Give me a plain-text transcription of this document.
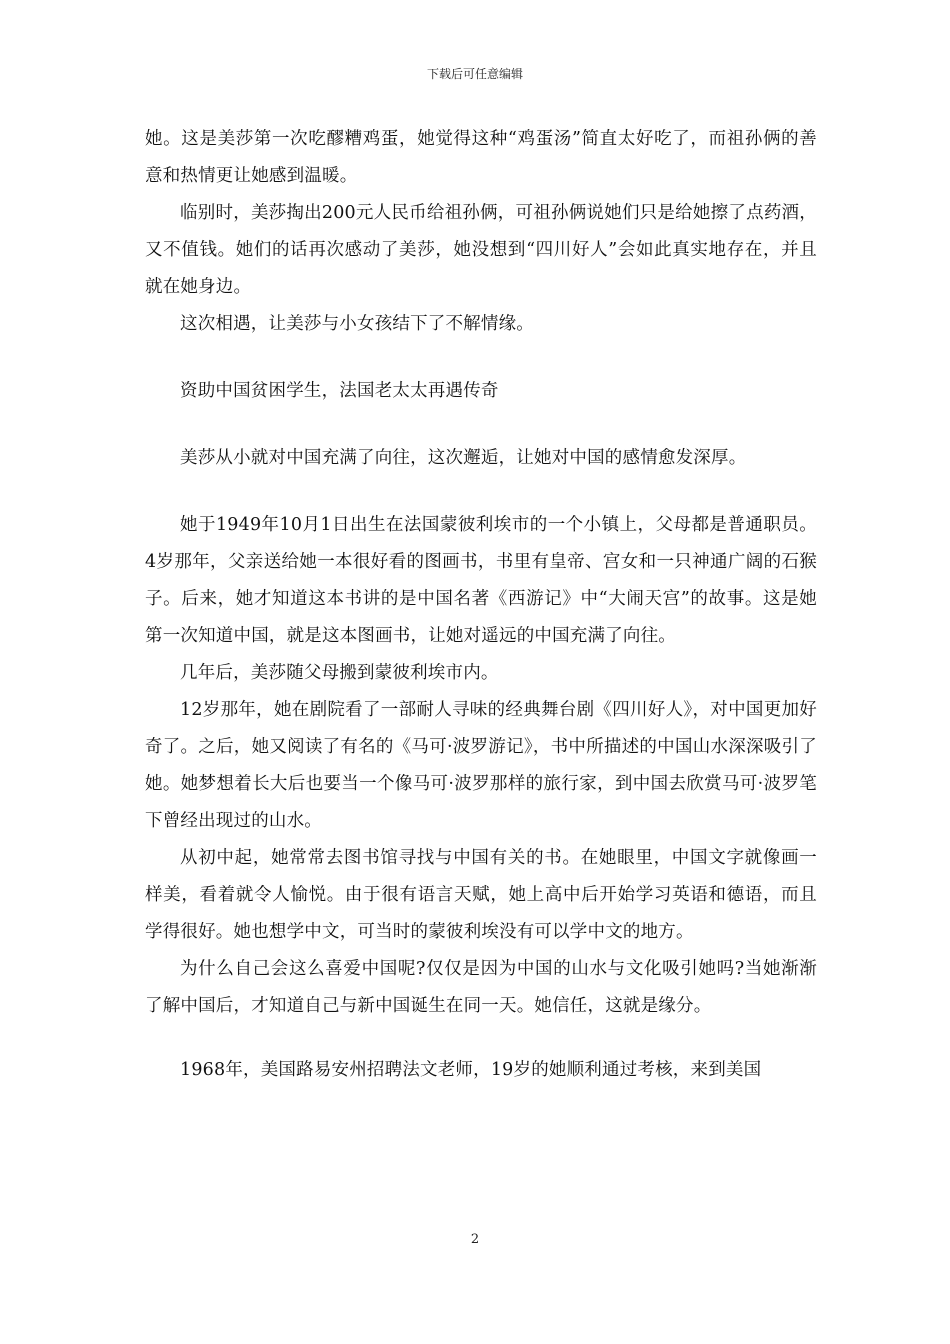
下载后可任意编辑

她。这是美莎第一次吃醪糟鸡蛋，她觉得这种“鸡蛋汤”简直太好吃了，而祖孙俩的善意和热情更让她感到温暖。

临别时，美莎掏出200元人民币给祖孙俩，可祖孙俩说她们只是给她擦了点药酒，又不值钱。她们的话再次感动了美莎，她没想到“四川好人”会如此真实地存在，并且就在她身边。

这次相遇，让美莎与小女孩结下了不解情缘。

资助中国贫困学生，法国老太太再遇传奇

美莎从小就对中国充满了向往，这次邂逅，让她对中国的感情愈发深厚。

她于1949年10月1日出生在法国蒙彼利埃市的一个小镇上，父母都是普通职员。4岁那年，父亲送给她一本很好看的图画书，书里有皇帝、宫女和一只神通广阔的石猴子。后来，她才知道这本书讲的是中国名著《西游记》中“大闹天宫”的故事。这是她第一次知道中国，就是这本图画书，让她对遥远的中国充满了向往。

几年后，美莎随父母搬到蒙彼利埃市内。

12岁那年，她在剧院看了一部耐人寻味的经典舞台剧《四川好人》，对中国更加好奇了。之后，她又阅读了有名的《马可·波罗游记》，书中所描述的中国山水深深吸引了她。她梦想着长大后也要当一个像马可·波罗那样的旅行家，到中国去欣赏马可·波罗笔下曾经出现过的山水。

从初中起，她常常去图书馆寻找与中国有关的书。在她眼里，中国文字就像画一样美，看着就令人愉悦。由于很有语言天赋，她上高中后开始学习英语和德语，而且学得很好。她也想学中文，可当时的蒙彼利埃没有可以学中文的地方。

为什么自己会这么喜爱中国呢?仅仅是因为中国的山水与文化吸引她吗?当她渐渐了解中国后，才知道自己与新中国诞生在同一天。她信任，这就是缘分。

1968年，美国路易安州招聘法文老师，19岁的她顺利通过考核，来到美国

2
